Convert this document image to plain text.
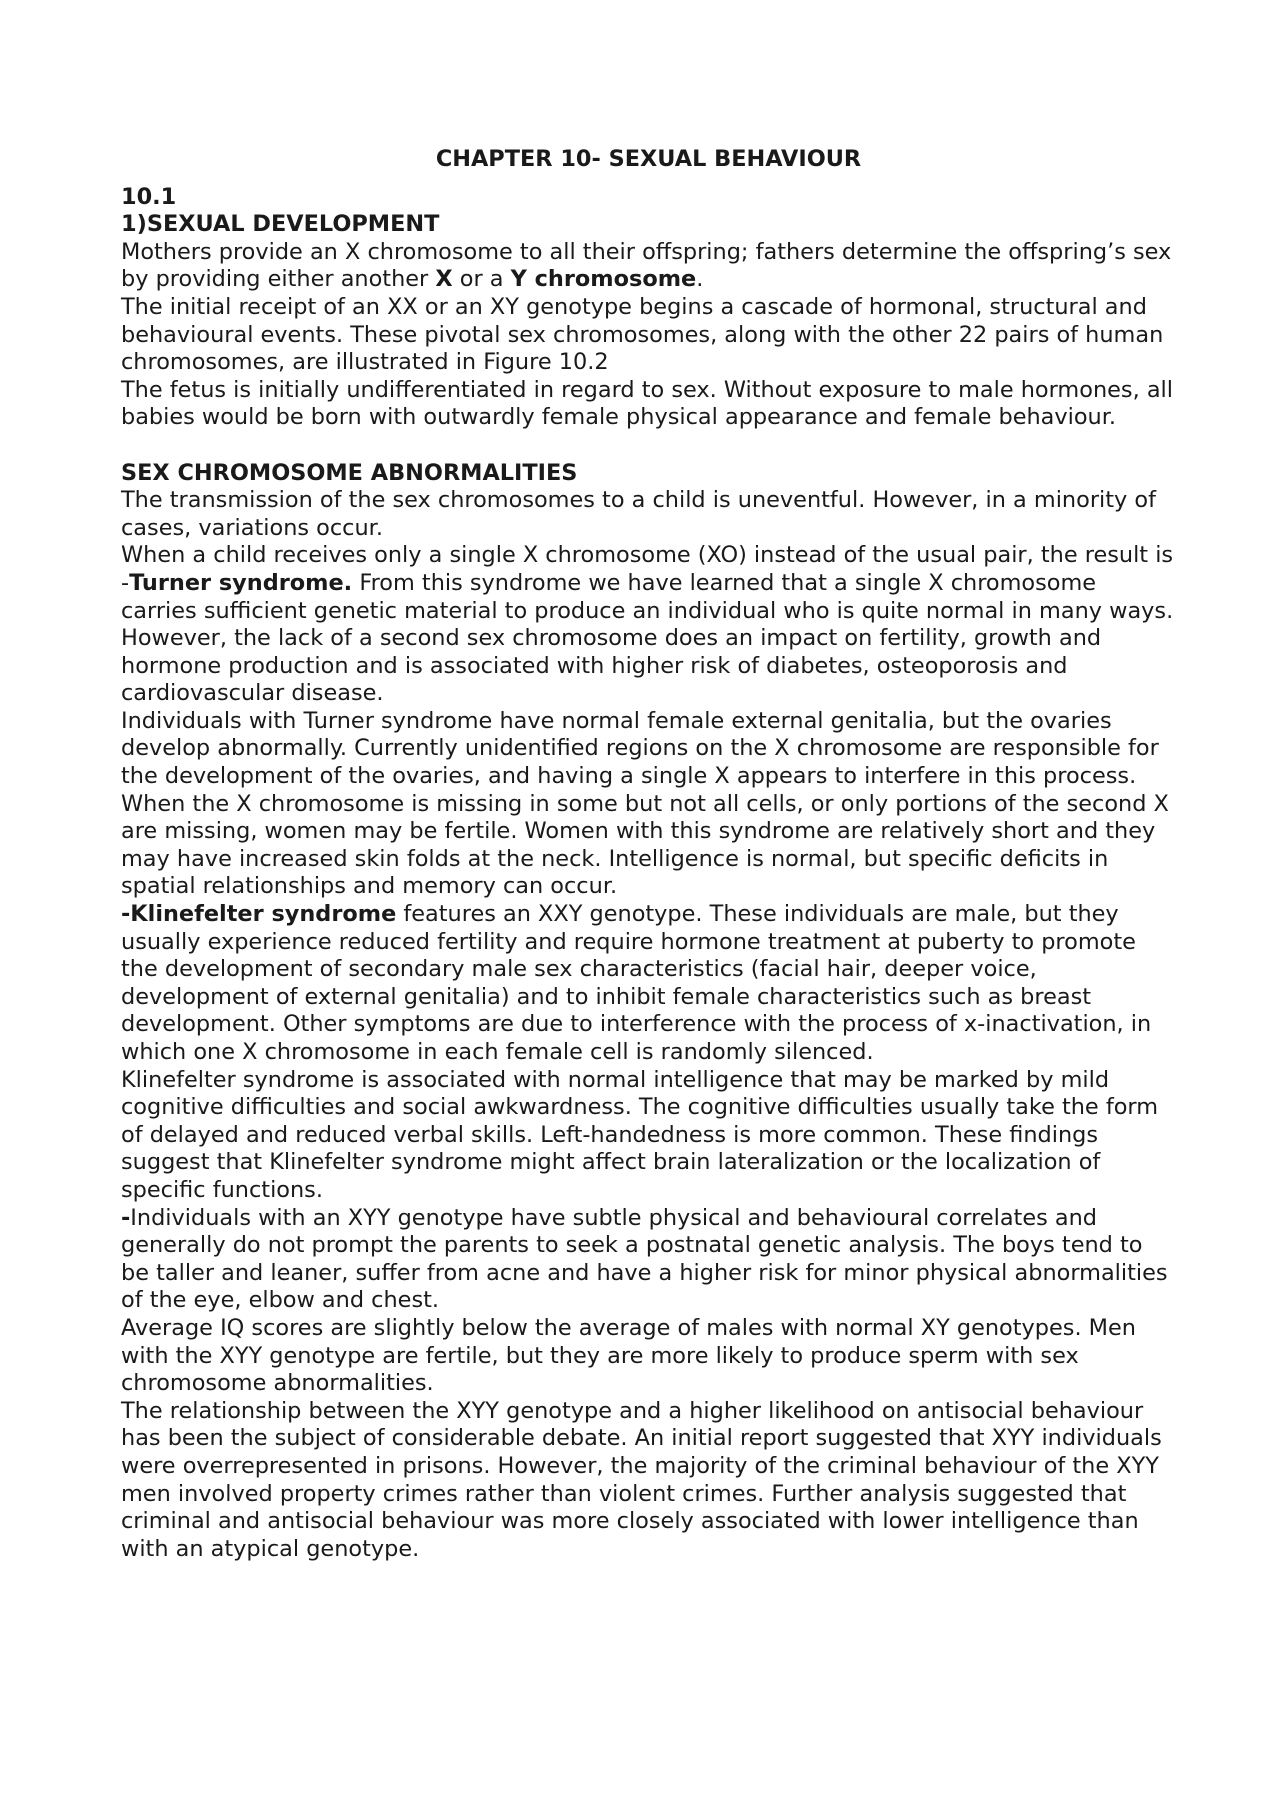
CHAPTER 10- SEXUAL BEHAVIOUR
10.1
1)SEXUAL DEVELOPMENT

Mothers provide an X chromosome to all their offspring; fathers determine the offspring’s sex by providing either another X or a Y chromosome.

The initial receipt of an XX or an XY genotype begins a cascade of hormonal, structural and behavioural events. These pivotal sex chromosomes, along with the other 22 pairs of human chromosomes, are illustrated in Figure 10.2

The fetus is initially undifferentiated in regard to sex. Without exposure to male hormones, all babies would be born with outwardly female physical appearance and female behaviour.

SEX CHROMOSOME ABNORMALITIES

The transmission of the sex chromosomes to a child is uneventful. However, in a minority of cases, variations occur.

When a child receives only a single X chromosome (XO) instead of the usual pair, the result is -Turner syndrome. From this syndrome we have learned that a single X chromosome carries sufficient genetic material to produce an individual who is quite normal in many ways. However, the lack of a second sex chromosome does an impact on fertility, growth and hormone production and is associated with higher risk of diabetes, osteoporosis and cardiovascular disease.

Individuals with Turner syndrome have normal female external genitalia, but the ovaries develop abnormally. Currently unidentified regions on the X chromosome are responsible for the development of the ovaries, and having a single X appears to interfere in this process.

When the X chromosome is missing in some but not all cells, or only portions of the second X are missing, women may be fertile. Women with this syndrome are relatively short and they may have increased skin folds at the neck. Intelligence is normal, but specific deficits in spatial relationships and memory can occur.

-Klinefelter syndrome features an XXY genotype. These individuals are male, but they usually experience reduced fertility and require hormone treatment at puberty to promote the development of secondary male sex characteristics (facial hair, deeper voice, development of external genitalia) and to inhibit female characteristics such as breast development. Other symptoms are due to interference with the process of x-inactivation, in which one X chromosome in each female cell is randomly silenced.

Klinefelter syndrome is associated with normal intelligence that may be marked by mild cognitive difficulties and social awkwardness. The cognitive difficulties usually take the form of delayed and reduced verbal skills. Left-handedness is more common. These findings suggest that Klinefelter syndrome might affect brain lateralization or the localization of specific functions.

-Individuals with an XYY genotype have subtle physical and behavioural correlates and generally do not prompt the parents to seek a postnatal genetic analysis. The boys tend to be taller and leaner, suffer from acne and have a higher risk for minor physical abnormalities of the eye, elbow and chest.

Average IQ scores are slightly below the average of males with normal XY genotypes. Men with the XYY genotype are fertile, but they are more likely to produce sperm with sex chromosome abnormalities.

The relationship between the XYY genotype and a higher likelihood on antisocial behaviour has been the subject of considerable debate. An initial report suggested that XYY individuals were overrepresented in prisons. However, the majority of the criminal behaviour of the XYY men involved property crimes rather than violent crimes. Further analysis suggested that criminal and antisocial behaviour was more closely associated with lower intelligence than with an atypical genotype.
